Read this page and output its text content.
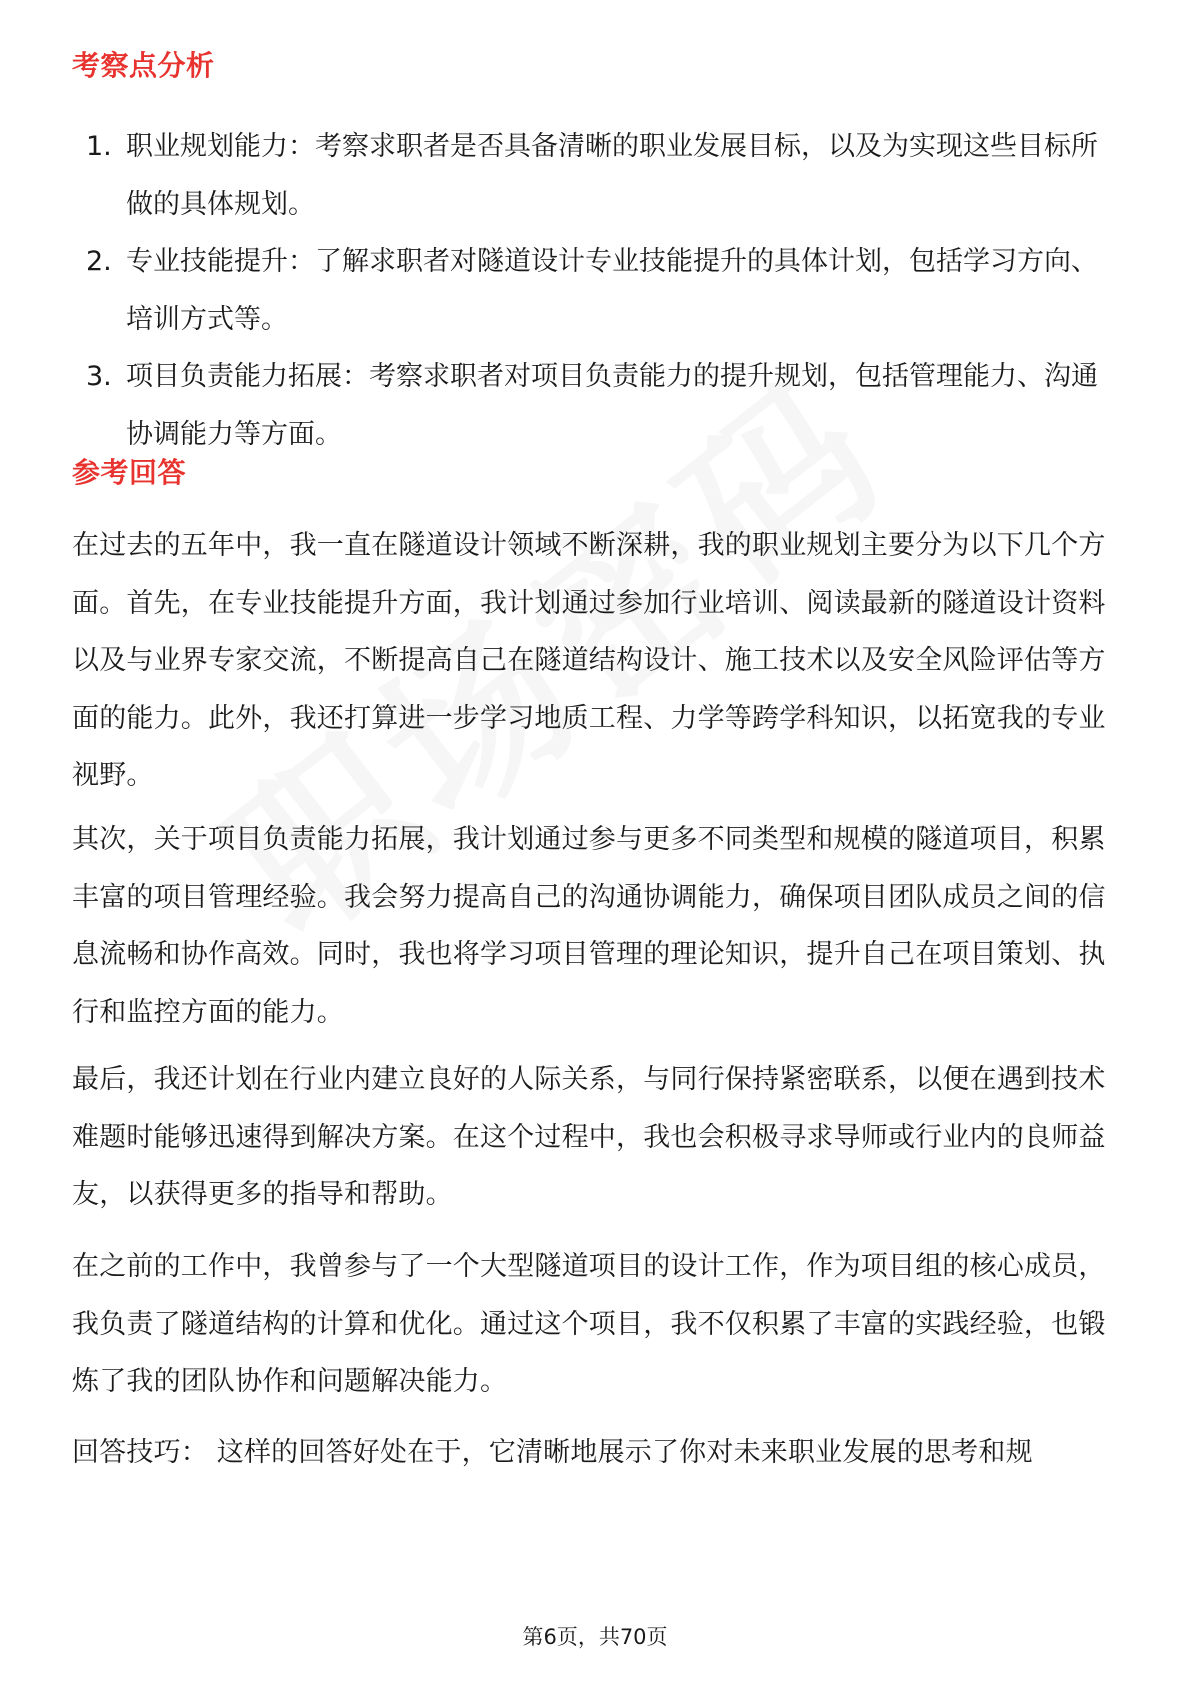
考察点分析
1. 职业规划能力：考察求职者是否具备清晰的职业发展目标，以及为实现这些目标所做的具体规划。
2. 专业技能提升：了解求职者对隧道设计专业技能提升的具体计划，包括学习方向、培训方式等。
3. 项目负责能力拓展：考察求职者对项目负责能力的提升规划，包括管理能力、沟通协调能力等方面。
参考回答

在过去的五年中，我一直在隧道设计领域不断深耕，我的职业规划主要分为以下几个方面。首先，在专业技能提升方面，我计划通过参加行业培训、阅读最新的隧道设计资料以及与业界专家交流，不断提高自己在隧道结构设计、施工技术以及安全风险评估等方面的能力。此外，我还打算进一步学习地质工程、力学等跨学科知识，以拓宽我的专业视野。

其次，关于项目负责能力拓展，我计划通过参与更多不同类型和规模的隧道项目，积累丰富的项目管理经验。我会努力提高自己的沟通协调能力，确保项目团队成员之间的信息流畅和协作高效。同时，我也将学习项目管理的理论知识，提升自己在项目策划、执行和监控方面的能力。

最后，我还计划在行业内建立良好的人际关系，与同行保持紧密联系，以便在遇到技术难题时能够迅速得到解决方案。在这个过程中，我也会积极寻求导师或行业内的良师益友，以获得更多的指导和帮助。

在之前的工作中，我曾参与了一个大型隧道项目的设计工作，作为项目组的核心成员，我负责了隧道结构的计算和优化。通过这个项目，我不仅积累了丰富的实践经验，也锻炼了我的团队协作和问题解决能力。

回答技巧： 这样的回答好处在于，它清晰地展示了你对未来职业发展的思考和规

第6页，共70页
